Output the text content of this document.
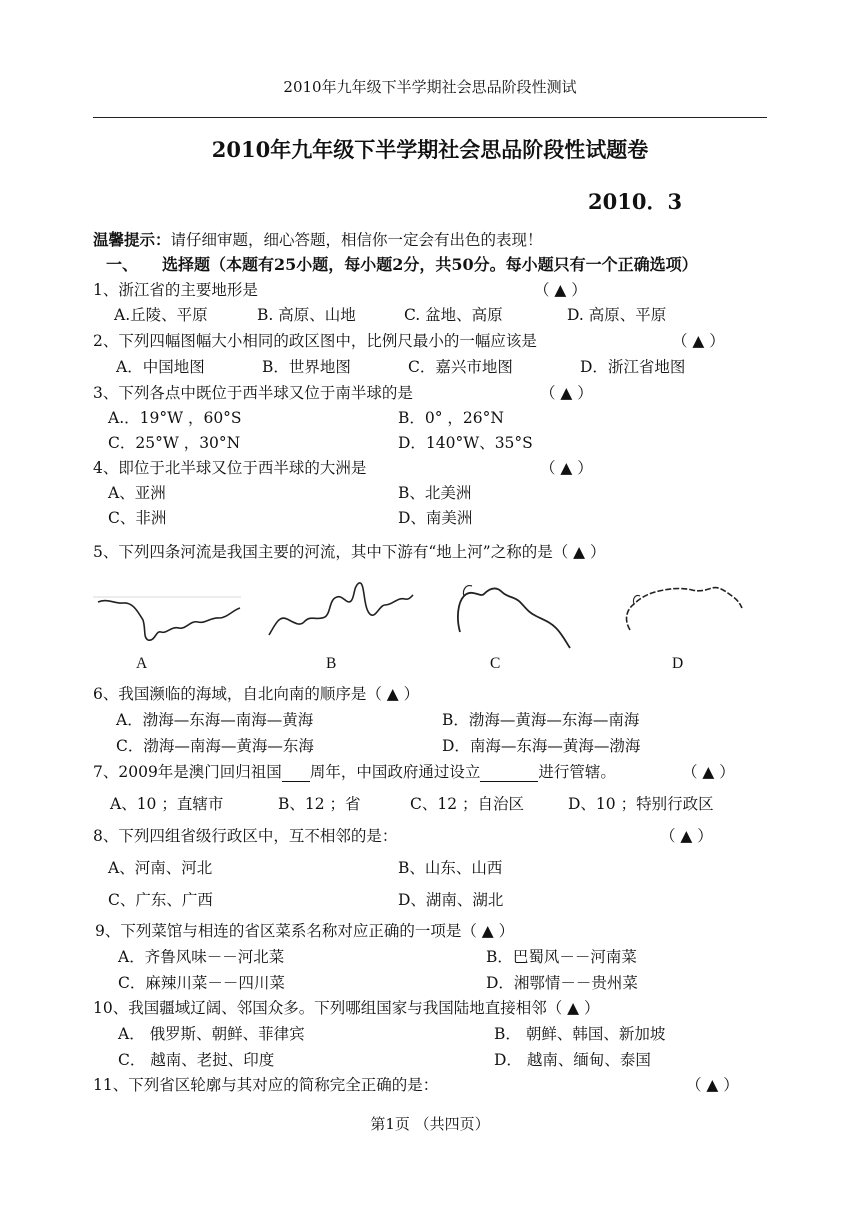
2010年九年级下半学期社会思品阶段性测试
2010年九年级下半学期社会思品阶段性试题卷
2010．3
温馨提示：请仔细审题，细心答题，相信你一定会有出色的表现！
一、 选择题（本题有25小题，每小题2分，共50分。每小题只有一个正确选项）
1、浙江省的主要地形是	（ ▲ ）
A.丘陵、平原	B. 高原、山地	C. 盆地、高原	D. 高原、平原
2、下列四幅图幅大小相同的政区图中，比例尺最小的一幅应该是	（ ▲ ）
A．中国地图	B．世界地图	C．嘉兴市地图	D．浙江省地图
3、下列各点中既位于西半球又位于南半球的是	（ ▲ ）
A.．19°W ，60°S	B．0° ，26°N
C．25°W ，30°N	D．140°W、35°S
4、即位于北半球又位于西半球的大洲是	（ ▲ ）
A、亚洲	B、北美洲
C、非洲	D、南美洲
5、下列四条河流是我国主要的河流，其中下游有“地上河”之称的是（ ▲ ）
A	B	C	D
6、我国濒临的海域，自北向南的顺序是（ ▲ ）
A．渤海—东海—南海—黄海	B．渤海—黄海—东海—南海
C．渤海—南海—黄海—东海	D．南海—东海—黄海—渤海
7、2009年是澳门回归祖国 周年，中国政府通过设立	进行管辖。	（ ▲ ）
A、10 ；直辖市	B、12 ；省	C、12 ；自治区	D、10 ；特别行政区
8、下列四组省级行政区中，互不相邻的是：	（ ▲ ）
A、河南、河北	B、山东、山西
C、广东、广西	D、湖南、湖北
9、下列菜馆与相连的省区菜系名称对应正确的一项是（ ▲ ）
A．齐鲁风味－－河北菜	B．巴蜀风－－河南菜
C．麻辣川菜－－四川菜	D．湘鄂情－－贵州菜
10、我国疆域辽阔、邻国众多。下列哪组国家与我国陆地直接相邻（ ▲ ）
A． 俄罗斯、朝鲜、菲律宾	B． 朝鲜、韩国、新加坡
C． 越南、老挝、印度	D． 越南、缅甸、泰国
11、下列省区轮廓与其对应的简称完全正确的是：	（ ▲ ）
第1页 （共四页）
